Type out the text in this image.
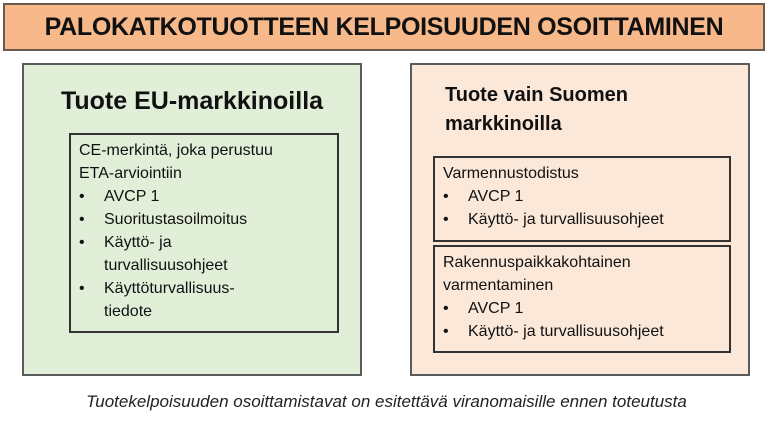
PALOKATKOTUOTTEEN KELPOISUUDEN OSOITTAMINEN
Tuote EU-markkinoilla
CE-merkintä, joka perustuu
ETA-arviointiin
• AVCP 1
• Suoritustasoilmoitus
• Käyttö- ja
turvallisuusohjeet
• Käyttöturvallisuus-
tiedote
Tuote vain Suomen
markkinoilla
Varmennustodistus
• AVCP 1
• Käyttö- ja turvallisuusohjeet
Rakennuspaikkakohtainen
varmentaminen
• AVCP 1
• Käyttö- ja turvallisuusohjeet
Tuotekelpoisuuden osoittamistavat on esitettävä viranomaisille ennen toteutusta
